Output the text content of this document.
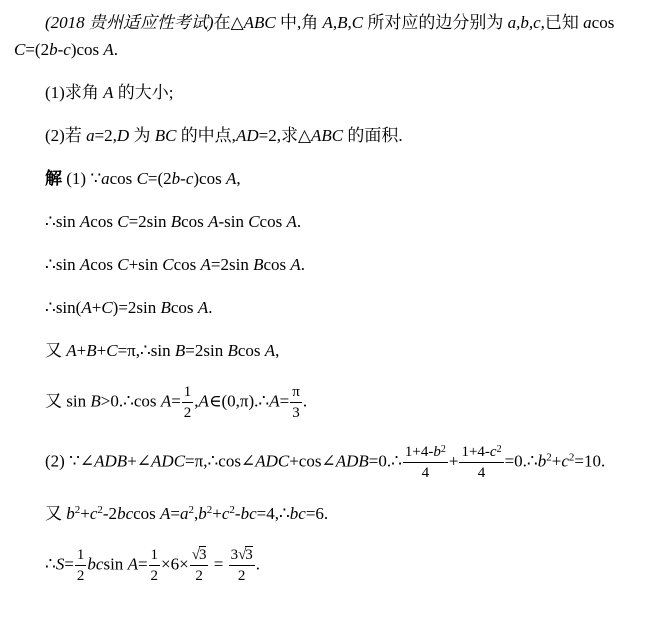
(2018 贵州适应性考试)在△ABC 中,角 A,B,C 所对应的边分别为 a,b,c,已知 acos
C=(2b-c)cos A.
(1)求角 A 的大小;
(2)若 a=2,D 为 BC 的中点,AD=2,求△ABC 的面积.
解 (1) ∵acos C=(2b-c)cos A,
∴sin Acos C=2sin Bcos A-sin Ccos A.
∴sin Acos C+sin Ccos A=2sin Bcos A.
∴sin(A+C)=2sin Bcos A.
又 A+B+C=π,∴sin B=2sin Bcos A,
又 sin B>0.∴cos $A= \frac{1}{2}$ ,A∈(0,π).∴A= $\frac{\pi}{3}$ .
(2) ∵∠ADB+∠ADC=π,∴cos∠ADC+cos∠ADB=0.∴ $\frac{1+4-b^2}{4} + \frac{1+4-c^2}{4}$ $=0.\therefore b^2+c^2=10$.
又 $b^2+c^2-2bccos$ $A=a^2,b^2+c^2-bc=4,\therefore bc=6$.
∴S= $\frac{1}{2}$ bcsin $A= \frac{1}{2} \times 6\times \frac{√3}{2} = \frac{3√3}{2}$ .
